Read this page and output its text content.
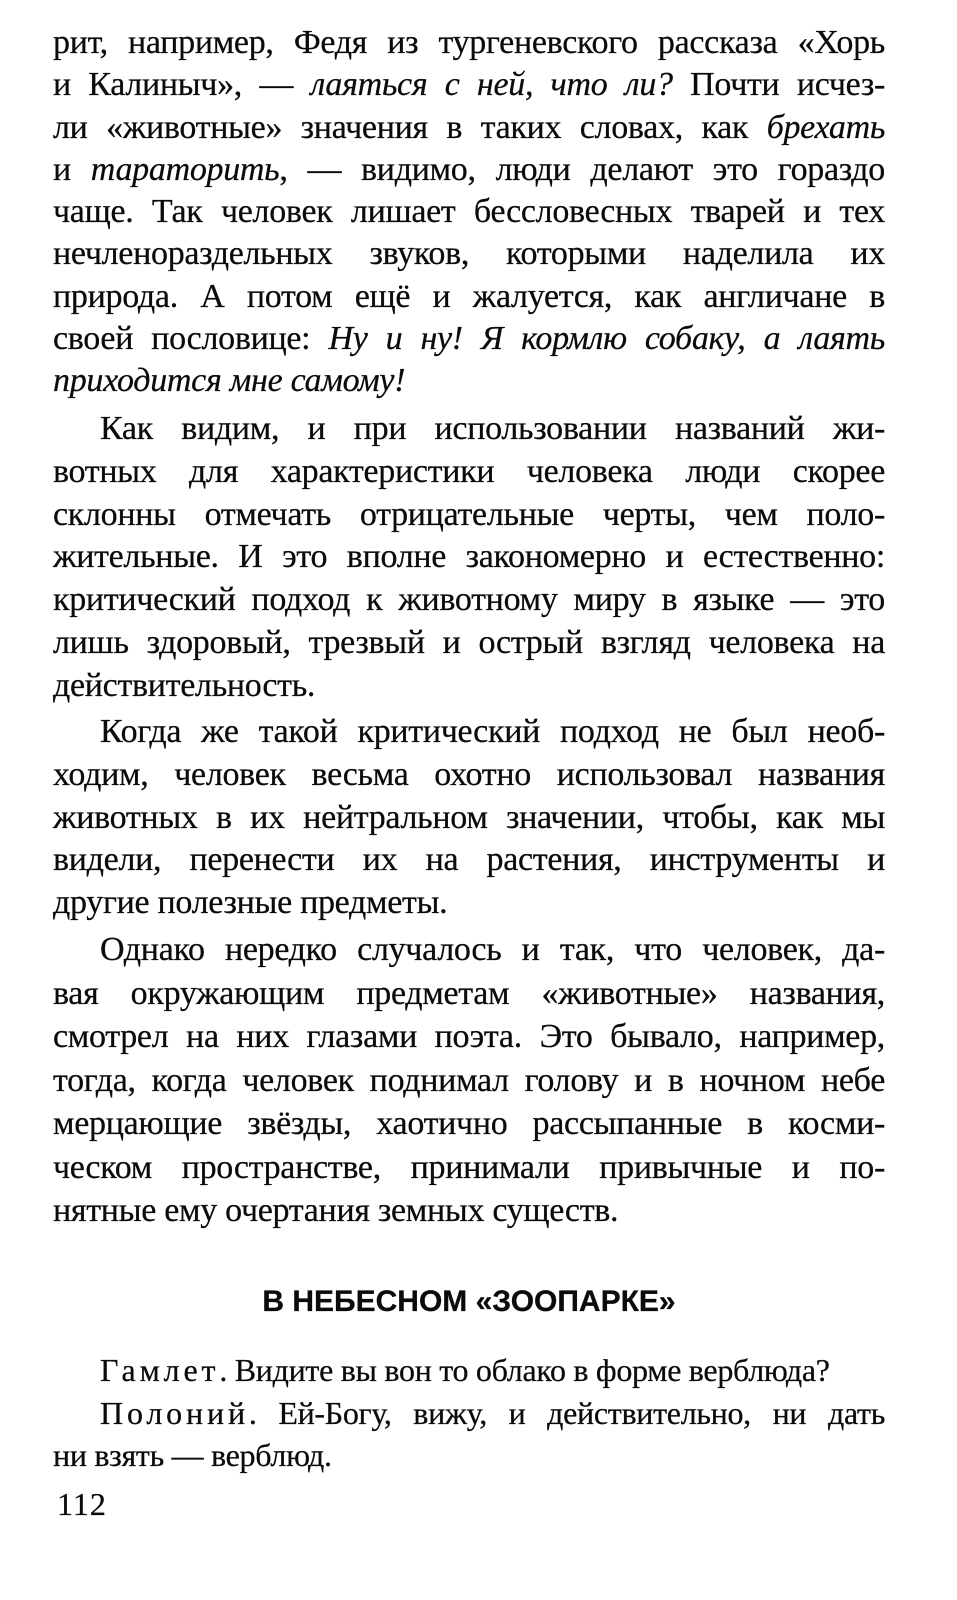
рит, например, Федя из тургеневского рассказа «Хорь
и Калиныч», — лаяться с ней, что ли? Почти исчез-
ли «животные» значения в таких словах, как брехать
и тараторить, — видимо, люди делают это гораздо
чаще. Так человек лишает бессловесных тварей и тех
нечленораздельных звуков, которыми наделила их
природа. А потом ещё и жалуется, как англичане в
своей пословице: Ну и ну! Я кормлю собаку, а лаять
приходится мне самому!
Как видим, и при использовании названий жи-
вотных для характеристики человека люди скорее
склонны отмечать отрицательные черты, чем поло-
жительные. И это вполне закономерно и естественно:
критический подход к животному миру в языке — это
лишь здоровый, трезвый и острый взгляд человека на
действительность.
Когда же такой критический подход не был необ-
ходим, человек весьма охотно использовал названия
животных в их нейтральном значении, чтобы, как мы
видели, перенести их на растения, инструменты и
другие полезные предметы.
Однако нередко случалось и так, что человек, да-
вая окружающим предметам «животные» названия,
смотрел на них глазами поэта. Это бывало, например,
тогда, когда человек поднимал голову и в ночном небе
мерцающие звёзды, хаотично рассыпанные в косми-
ческом пространстве, принимали привычные и по-
нятные ему очертания земных существ.
В НЕБЕСНОМ «ЗООПАРКЕ»
Гамлет. Видите вы вон то облако в форме верблюда?
Полоний. Ей-Богу, вижу, и действительно, ни дать
ни взять — верблюд.
112
